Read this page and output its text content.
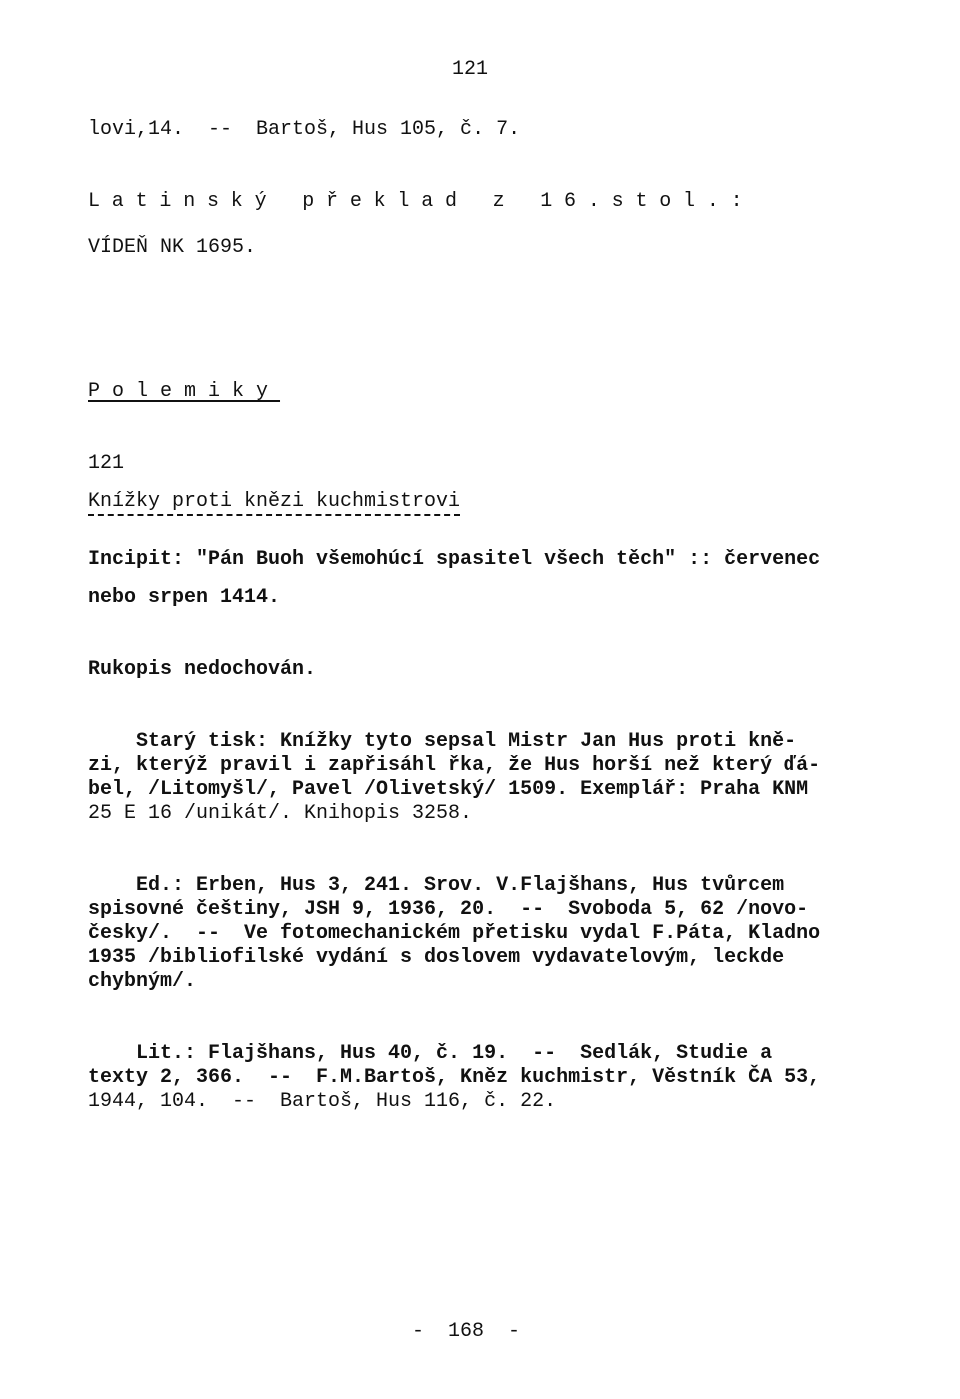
121
lovi,14.  --  Bartoš, Hus 105, č. 7.
Latinský překlad z 16.stol.:
VÍDEŇ NK 1695.
Polemiky
121
Knížky proti knězi kuchmistrovi
Incipit: "Pán Buoh všemohúcí spasitel všech těch" :: červenec
nebo srpen 1414.
Rukopis nedochován.
Starý tisk: Knížky tyto sepsal Mistr Jan Hus proti kně-
zi, kterýž pravil i zapřisáhl řka, že Hus horší než který ďá-
bel, /Litomyšl/, Pavel /Olivetský/ 1509. Exemplář: Praha KNM
25 E 16 /unikát/. Knihopis 3258.
Ed.: Erben, Hus 3, 241. Srov. V.Flajšhans, Hus tvůrcem
spisovné češtiny, JSH 9, 1936, 20.  --  Svoboda 5, 62 /novo-
česky/.  --  Ve fotomechanickém přetisku vydal F.Páta, Kladno
1935 /bibliofilské vydání s doslovem vydavatelovým, leckde
chybným/.
Lit.: Flajšhans, Hus 40, č. 19.  --  Sedlák, Studie a
texty 2, 366.  --  F.M.Bartoš, Kněz kuchmistr, Věstník ČA 53,
1944, 104.  --  Bartoš, Hus 116, č. 22.
-  168  -
